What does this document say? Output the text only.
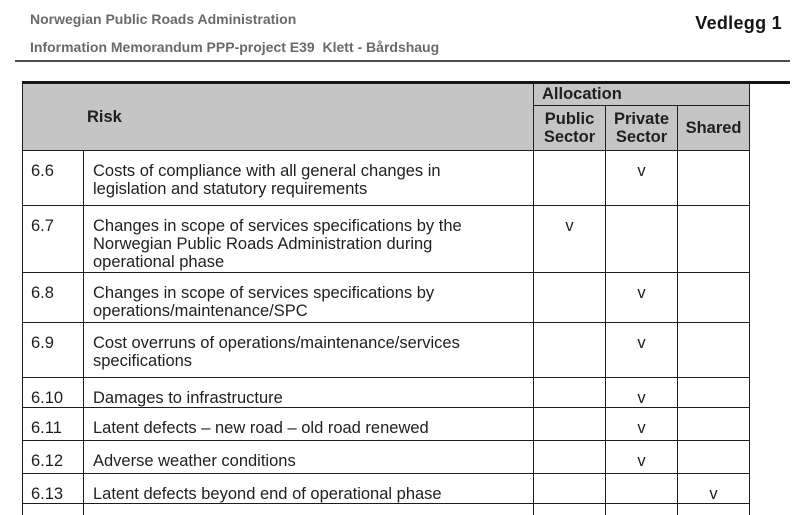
Norwegian Public Roads Administration
Information Memorandum PPP-project E39  Klett - Bårdshaug
Vedlegg 1
Risk		Allocation		
		Public Sector	Private Sector	Shared
6.6	Costs of compliance with all general changes in legislation and statutory requirements		v	
6.7	Changes in scope of services specifications by the Norwegian Public Roads Administration during operational phase	v		
6.8	Changes in scope of services specifications by operations/maintenance/SPC		v	
6.9	Cost overruns of operations/maintenance/services specifications		v	
6.10	Damages to infrastructure		v	
6.11	Latent defects – new road – old road renewed		v	
6.12	Adverse weather conditions		v	
6.13	Latent defects beyond end of operational phase			v
